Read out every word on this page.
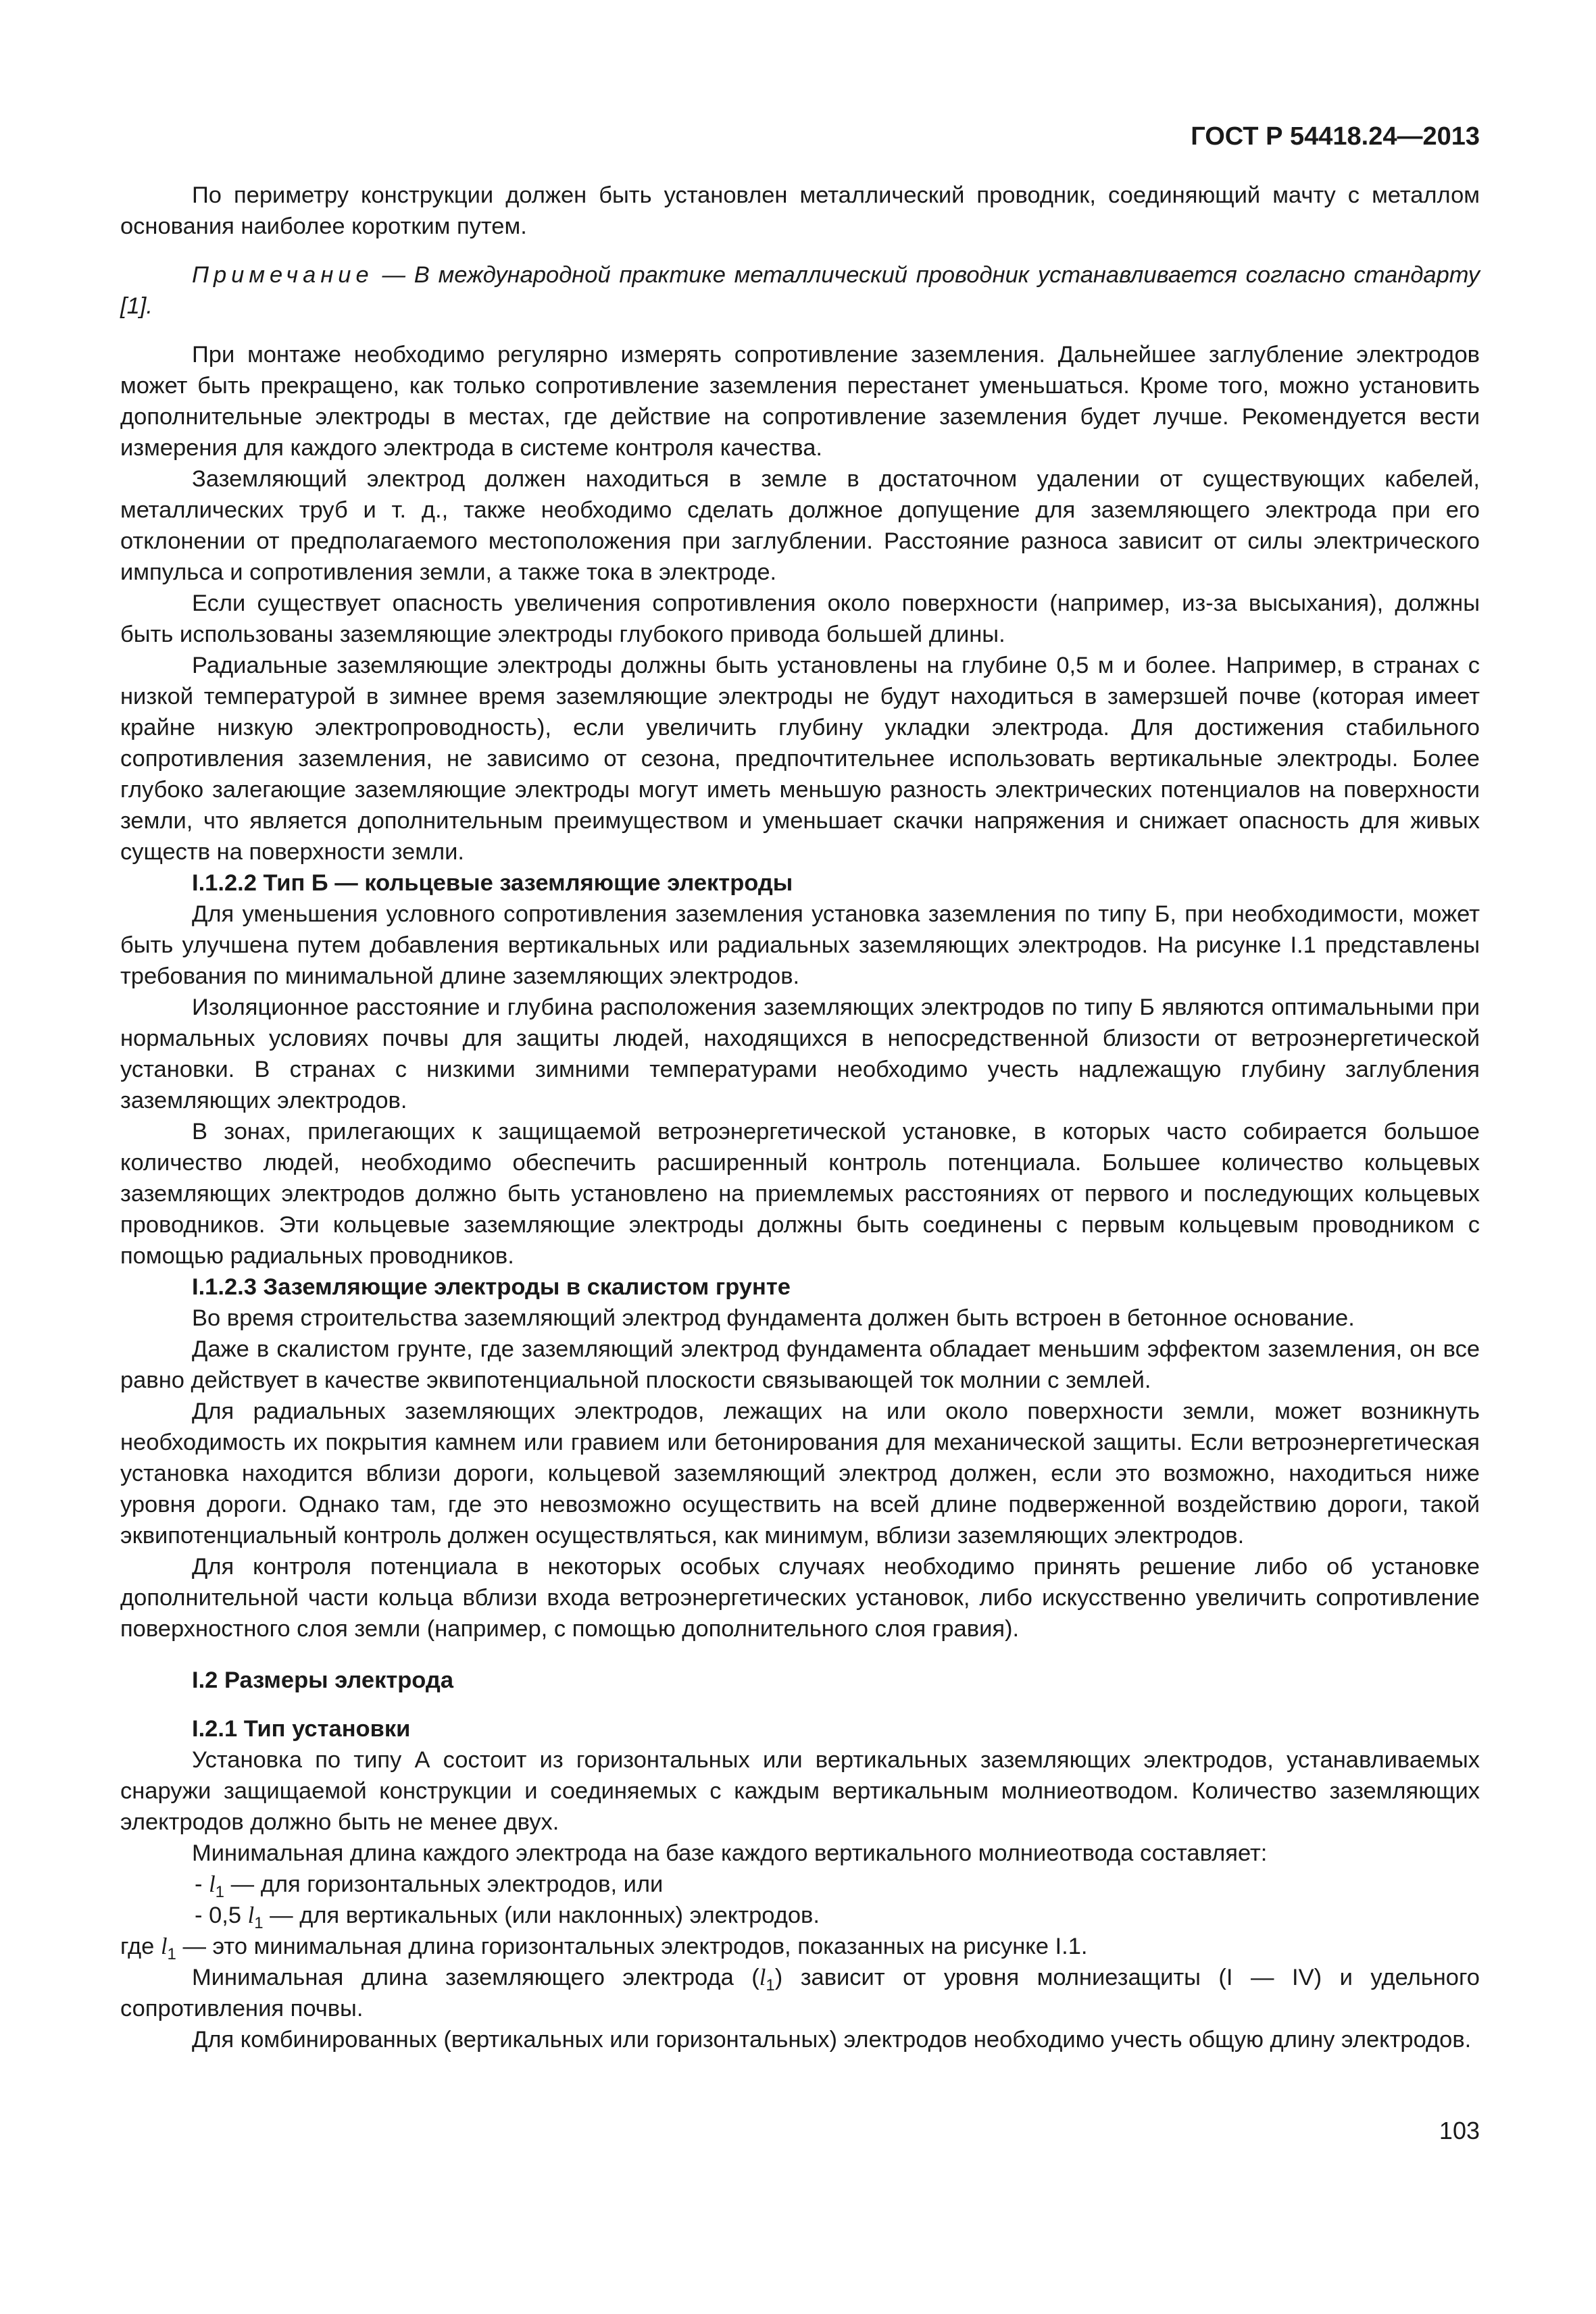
ГОСТ Р 54418.24—2013

По периметру конструкции должен быть установлен металлический проводник, соединяющий мачту с металлом основания наиболее коротким путем.

Примечание — В международной практике металлический проводник устанавливается согласно стандарту [1].

При монтаже необходимо регулярно измерять сопротивление заземления. Дальнейшее заглубление электродов может быть прекращено, как только сопротивление заземления перестанет уменьшаться. Кроме того, можно установить дополнительные электроды в местах, где действие на сопротивление заземления будет лучше. Рекомендуется вести измерения для каждого электрода в системе контроля качества.

Заземляющий электрод должен находиться в земле в достаточном удалении от существующих кабелей, металлических труб и т. д., также необходимо сделать должное допущение для заземляющего электрода при его отклонении от предполагаемого местоположения при заглублении. Расстояние разноса зависит от силы электрического импульса и сопротивления земли, а также тока в электроде.

Если существует опасность увеличения сопротивления около поверхности (например, из-за высыхания), должны быть использованы заземляющие электроды глубокого привода большей длины.

Радиальные заземляющие электроды должны быть установлены на глубине 0,5 м и более. Например, в странах с низкой температурой в зимнее время заземляющие электроды не будут находиться в замерзшей почве (которая имеет крайне низкую электропроводность), если увеличить глубину укладки электрода. Для достижения стабильного сопротивления заземления, не зависимо от сезона, предпочтительнее использовать вертикальные электроды. Более глубоко залегающие заземляющие электроды могут иметь меньшую разность электрических потенциалов на поверхности земли, что является дополнительным преимуществом и уменьшает скачки напряжения и снижает опасность для живых существ на поверхности земли.

I.1.2.2 Тип Б — кольцевые заземляющие электроды

Для уменьшения условного сопротивления заземления установка заземления по типу Б, при необходимости, может быть улучшена путем добавления вертикальных или радиальных заземляющих электродов. На рисунке I.1 представлены требования по минимальной длине заземляющих электродов.

Изоляционное расстояние и глубина расположения заземляющих электродов по типу Б являются оптимальными при нормальных условиях почвы для защиты людей, находящихся в непосредственной близости от ветроэнергетической установки. В странах с низкими зимними температурами необходимо учесть надлежащую глубину заглубления заземляющих электродов.

В зонах, прилегающих к защищаемой ветроэнергетической установке, в которых часто собирается большое количество людей, необходимо обеспечить расширенный контроль потенциала. Большее количество кольцевых заземляющих электродов должно быть установлено на приемлемых расстояниях от первого и последующих кольцевых проводников. Эти кольцевые заземляющие электроды должны быть соединены с первым кольцевым проводником с помощью радиальных проводников.

I.1.2.3 Заземляющие электроды в скалистом грунте

Во время строительства заземляющий электрод фундамента должен быть встроен в бетонное основание.

Даже в скалистом грунте, где заземляющий электрод фундамента обладает меньшим эффектом заземления, он все равно действует в качестве эквипотенциальной плоскости связывающей ток молнии с землей.

Для радиальных заземляющих электродов, лежащих на или около поверхности земли, может возникнуть необходимость их покрытия камнем или гравием или бетонирования для механической защиты. Если ветроэнергетическая установка находится вблизи дороги, кольцевой заземляющий электрод должен, если это возможно, находиться ниже уровня дороги. Однако там, где это невозможно осуществить на всей длине подверженной воздействию дороги, такой эквипотенциальный контроль должен осуществляться, как минимум, вблизи заземляющих электродов.

Для контроля потенциала в некоторых особых случаях необходимо принять решение либо об установке дополнительной части кольца вблизи входа ветроэнергетических установок, либо искусственно увеличить сопротивление поверхностного слоя земли (например, с помощью дополнительного слоя гравия).

I.2 Размеры электрода
I.2.1 Тип установки

Установка по типу А состоит из горизонтальных или вертикальных заземляющих электродов, устанавливаемых снаружи защищаемой конструкции и соединяемых с каждым вертикальным молниеотводом. Количество заземляющих электродов должно быть не менее двух.

Минимальная длина каждого электрода на базе каждого вертикального молниеотвода составляет:

- $l_1$ — для горизонтальных электродов, или

- 0,5 $l_1$ — для вертикальных (или наклонных) электродов.

где $l_1$ — это минимальная длина горизонтальных электродов, показанных на рисунке I.1.

Минимальная длина заземляющего электрода $(l_1)$ зависит от уровня молниезащиты (I — IV) и удельного сопротивления почвы.

Для комбинированных (вертикальных или горизонтальных) электродов необходимо учесть общую длину электродов.

103
